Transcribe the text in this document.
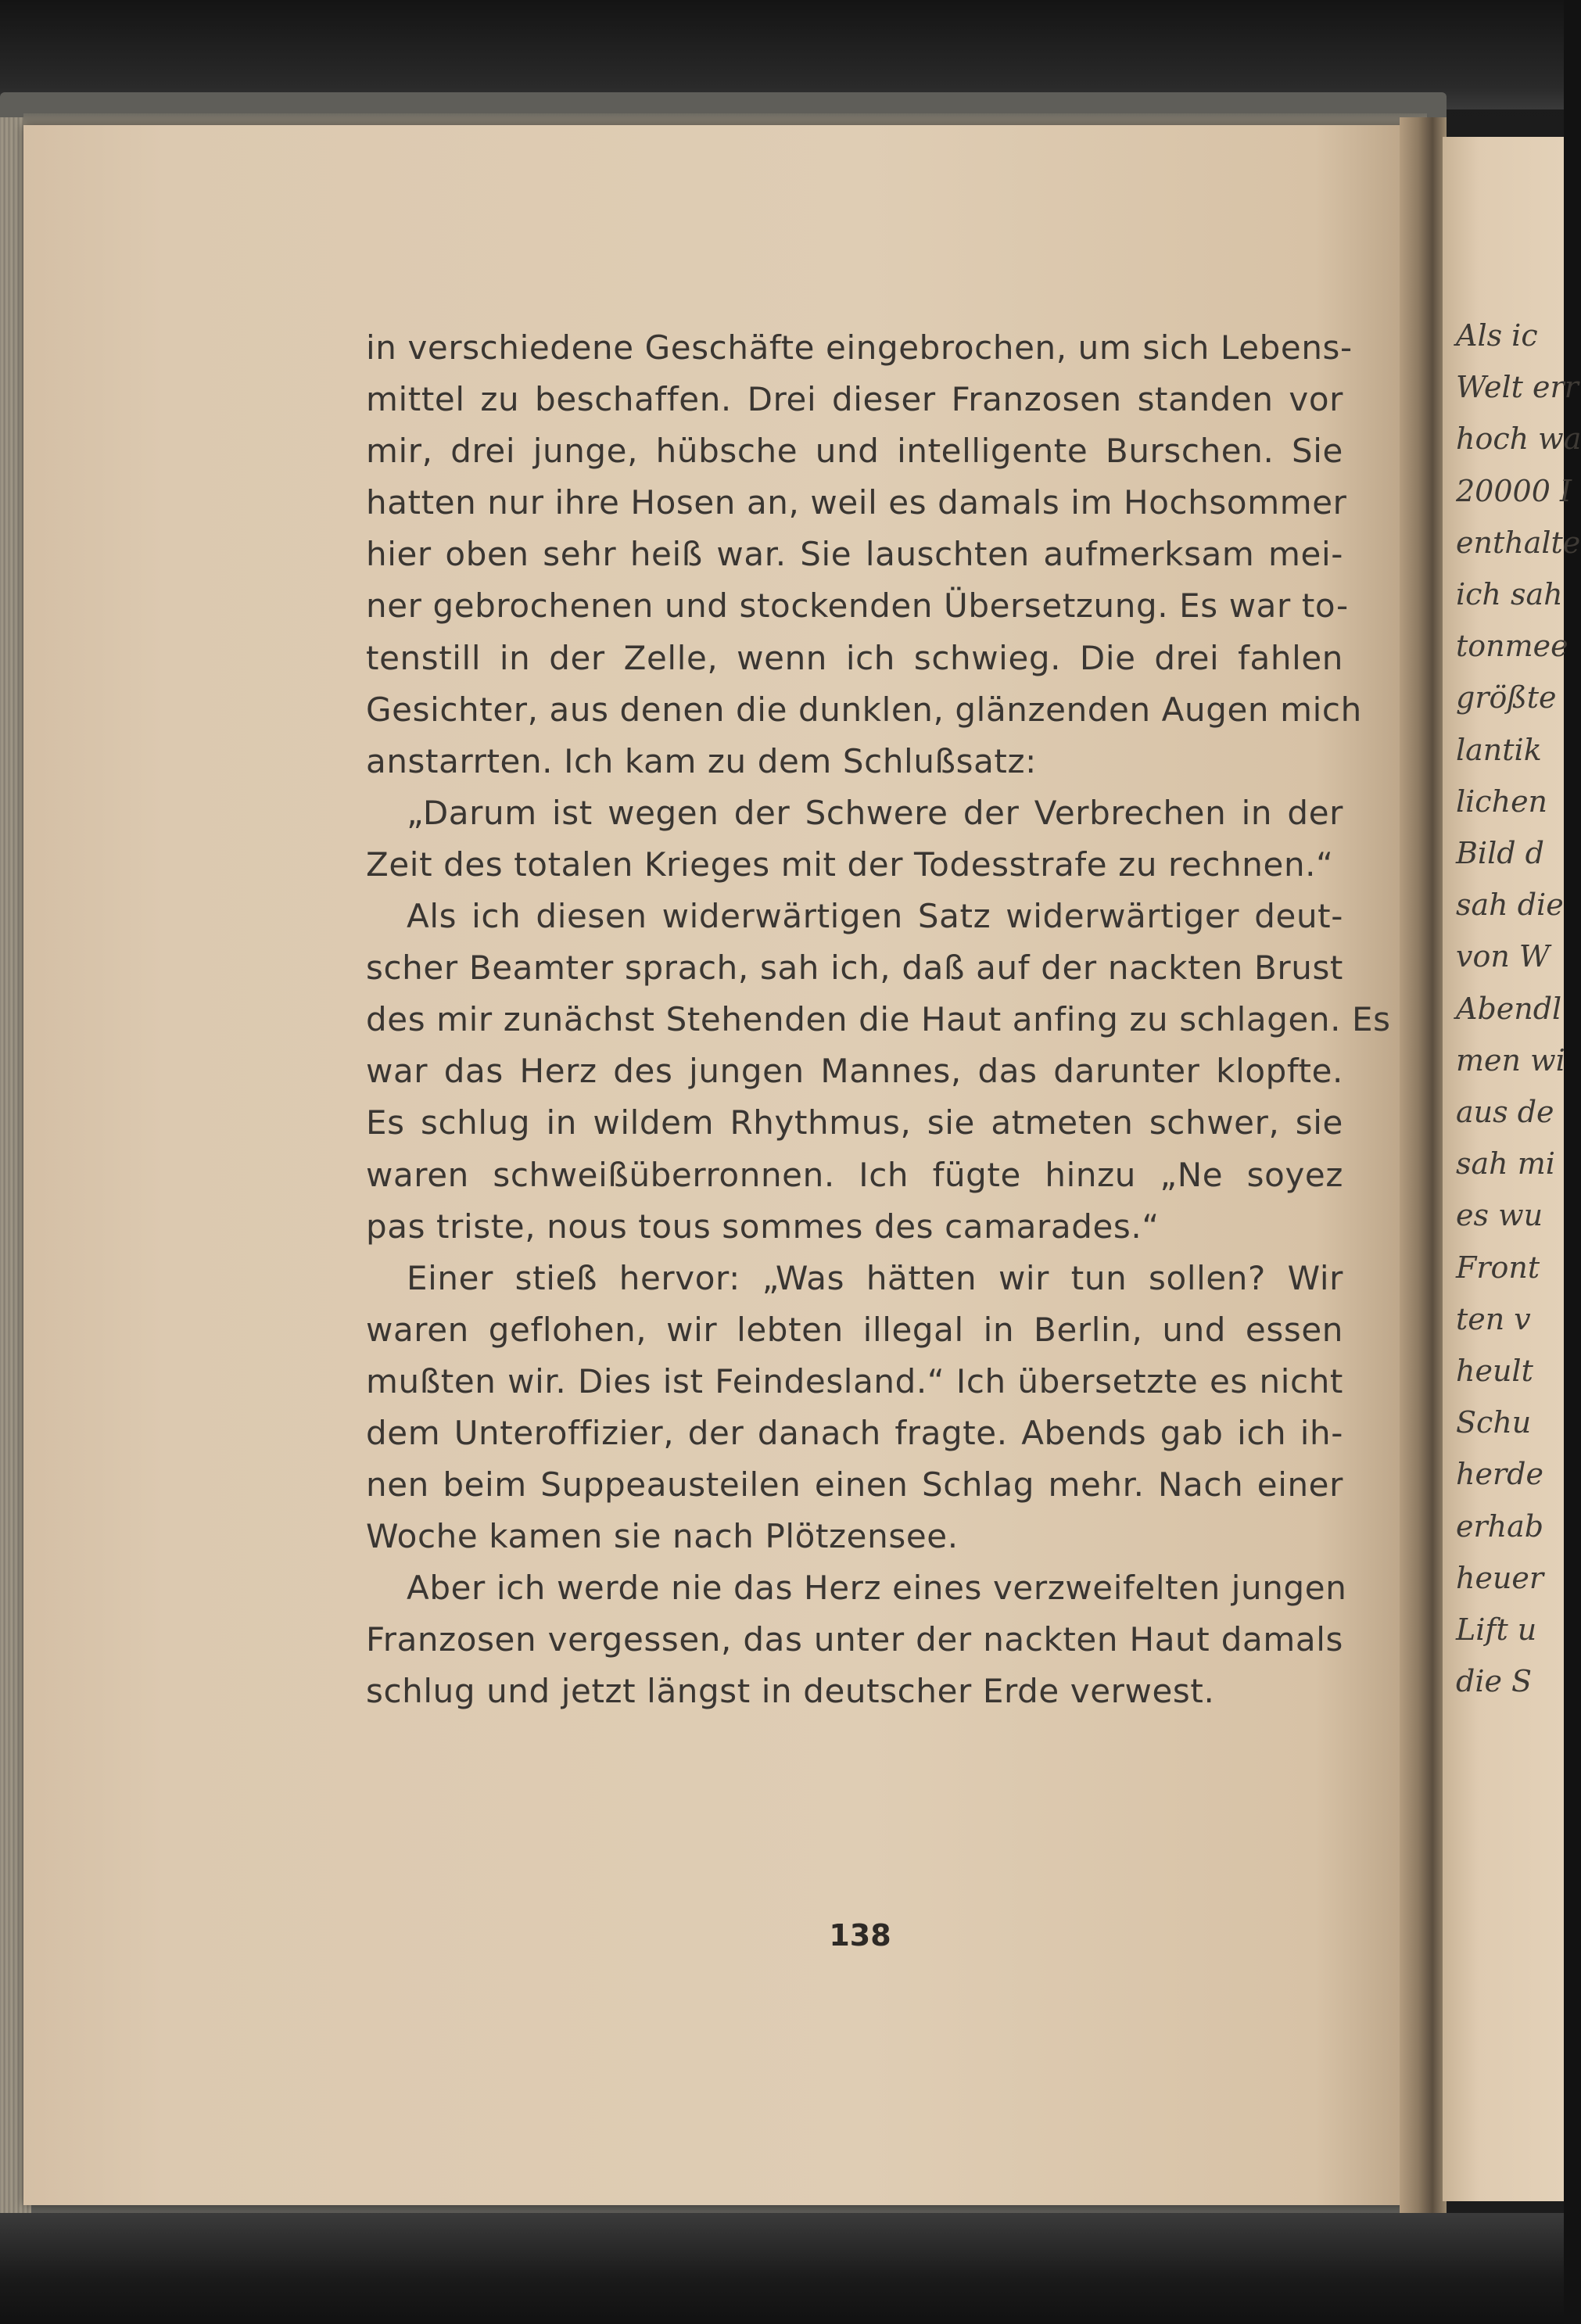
Als ic
Welt err
hoch wa
20000 I
enthalte
ich sah
tonmee
größte
lantik
lichen
Bild d
sah die
von W
Abendl
men wi
aus de
sah mi
es wu
Front
ten v
heult
Schu
herde
erhab
heuer
Lift u
die S
in verschiedene Geschäfte eingebrochen, um sich Lebens-
mittel zu beschaffen. Drei dieser Franzosen standen vor
mir, drei junge, hübsche und intelligente Burschen. Sie
hatten nur ihre Hosen an, weil es damals im Hochsommer
hier oben sehr heiß war. Sie lauschten aufmerksam mei-
ner gebrochenen und stockenden Übersetzung. Es war to-
tenstill in der Zelle, wenn ich schwieg. Die drei fahlen
Gesichter, aus denen die dunklen, glänzenden Augen mich
anstarrten. Ich kam zu dem Schlußsatz:
„Darum ist wegen der Schwere der Verbrechen in der
Zeit des totalen Krieges mit der Todesstrafe zu rechnen.“
Als ich diesen widerwärtigen Satz widerwärtiger deut-
scher Beamter sprach, sah ich, daß auf der nackten Brust
des mir zunächst Stehenden die Haut anfing zu schlagen. Es
war das Herz des jungen Mannes, das darunter klopfte.
Es schlug in wildem Rhythmus, sie atmeten schwer, sie
waren schweißüberronnen. Ich fügte hinzu „Ne soyez
pas triste, nous tous sommes des camarades.“
Einer stieß hervor: „Was hätten wir tun sollen? Wir
waren geflohen, wir lebten illegal in Berlin, und essen
mußten wir. Dies ist Feindesland.“ Ich übersetzte es nicht
dem Unteroffizier, der danach fragte. Abends gab ich ih-
nen beim Suppeausteilen einen Schlag mehr. Nach einer
Woche kamen sie nach Plötzensee.
Aber ich werde nie das Herz eines verzweifelten jungen
Franzosen vergessen, das unter der nackten Haut damals
schlug und jetzt längst in deutscher Erde verwest.
138
